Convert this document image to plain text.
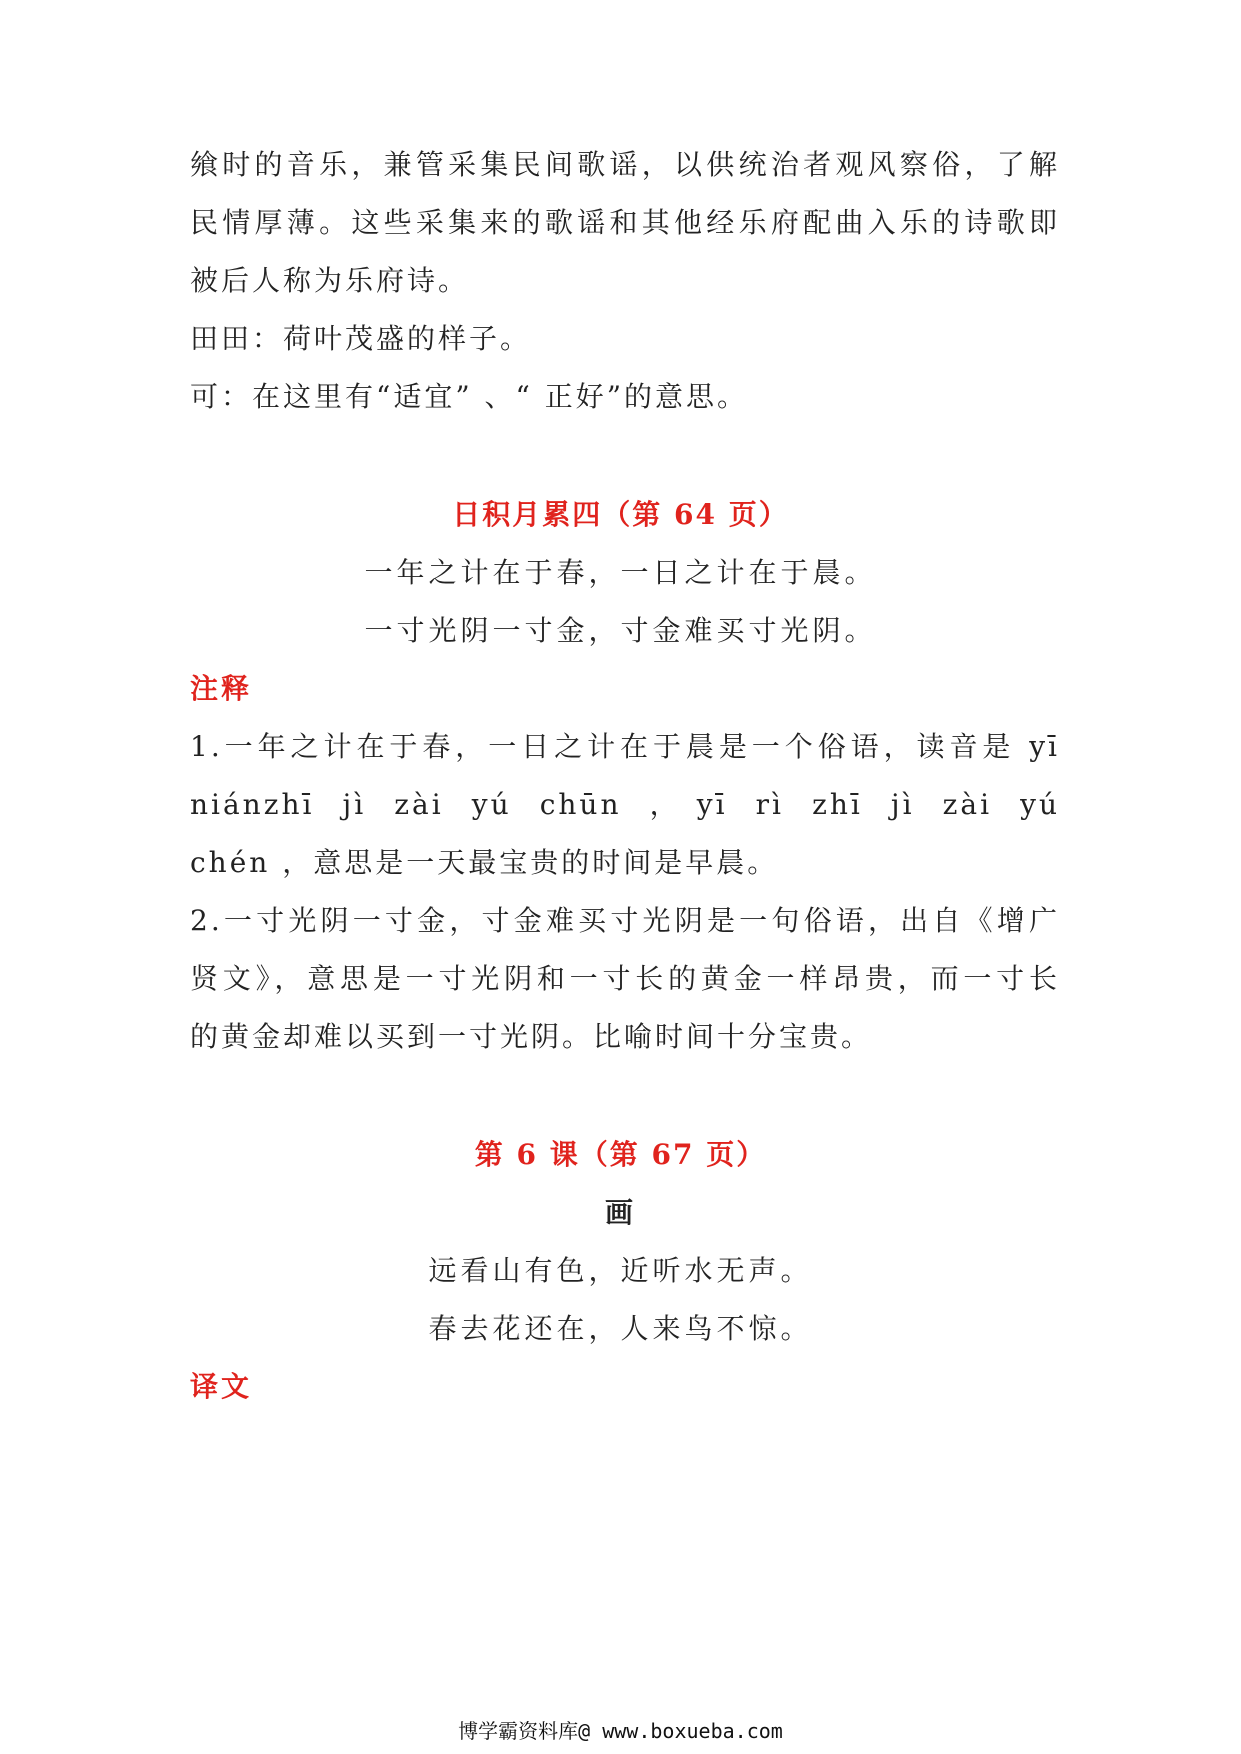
飨时的音乐，兼管采集民间歌谣，以供统治者观风察俗，了解
民情厚薄。这些采集来的歌谣和其他经乐府配曲入乐的诗歌即
被后人称为乐府诗。
田田：荷叶茂盛的样子。
可：在这里有“适宜” 、“ 正好”的意思。
日积月累四（第 64 页）
一年之计在于春，一日之计在于晨。
一寸光阴一寸金，寸金难买寸光阴。
注释
1.一年之计在于春，一日之计在于晨是一个俗语，读音是 yī
niánzhī jì zài yú chūn ，yī rì zhī jì zài yú
chén ，意思是一天最宝贵的时间是早晨。
2.一寸光阴一寸金，寸金难买寸光阴是一句俗语，出自《增广
贤文》，意思是一寸光阴和一寸长的黄金一样昂贵，而一寸长
的黄金却难以买到一寸光阴。比喻时间十分宝贵。
第 6 课（第 67 页）
画
远看山有色，近听水无声。
春去花还在，人来鸟不惊。
译文
博学霸资料库@ www.boxueba.com
